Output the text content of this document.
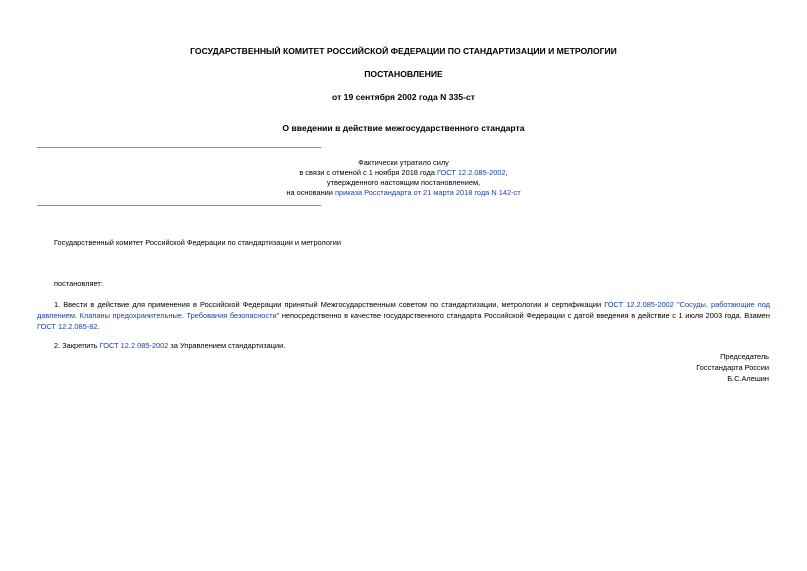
ГОСУДАРСТВЕННЫЙ КОМИТЕТ РОССИЙСКОЙ ФЕДЕРАЦИИ ПО СТАНДАРТИЗАЦИИ И МЕТРОЛОГИИ
ПОСТАНОВЛЕНИЕ
от 19 сентября 2002 года N 335-ст
О введении в действие межгосударственного стандарта
Фактически утратило силу
в связи с отменой с 1 ноября 2018 года ГОСТ 12.2.085-2002,
утвержденного настоящим постановлением,
на основании приказа Росстандарта от 21 марта 2018 года N 142-ст
Государственный комитет Российской Федерации по стандартизации и метрологии
постановляет:
1. Ввести в действие для применения в Российской Федерации принятый Межгосударственным советом по стандартизации, метрологии и сертификации ГОСТ 12.2.085-2002 "Сосуды, работающие под давлением. Клапаны предохранительные. Требования безопасности" непосредственно в качестве государственного стандарта Российской Федерации с датой введения в действие с 1 июля 2003 года. Взамен ГОСТ 12.2.085-82.
2. Закрепить ГОСТ 12.2.085-2002 за Управлением стандартизации.
Председатель
Госстандарта России
Б.С.Алешин
